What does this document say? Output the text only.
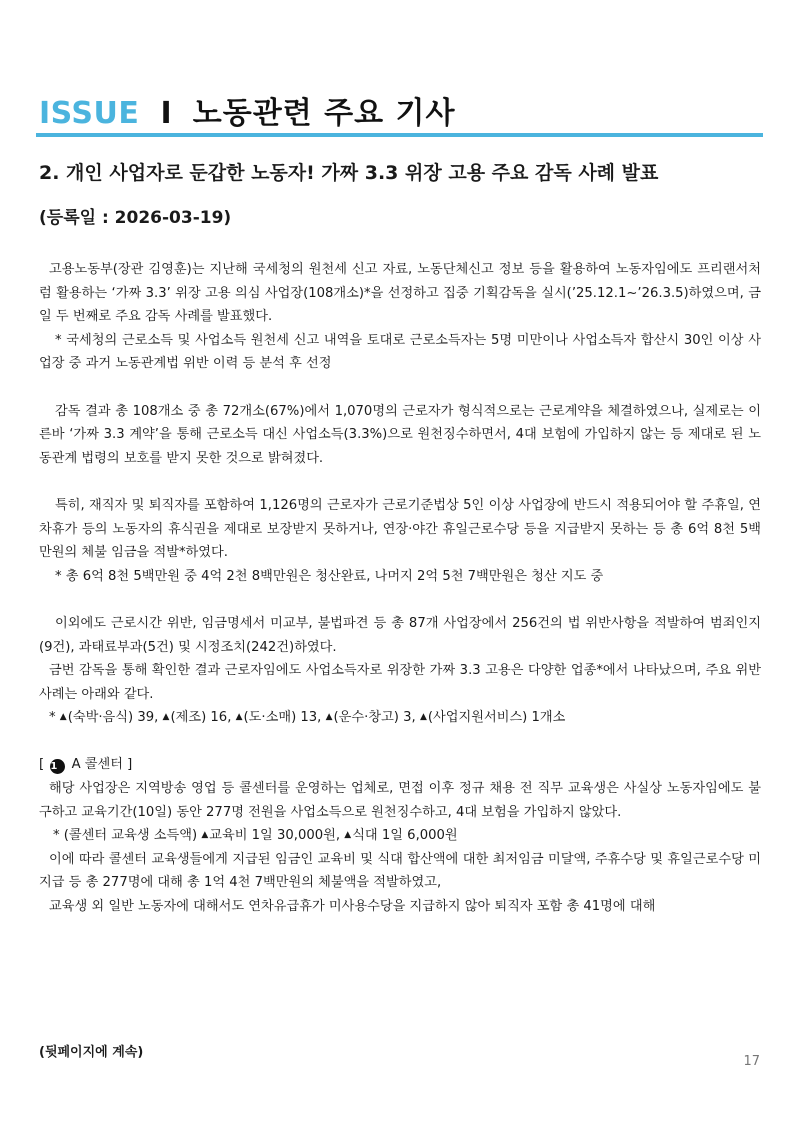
ISSUE I 노동관련 주요 기사
2. 개인 사업자로 둔갑한 노동자! 가짜 3.3 위장 고용 주요 감독 사례 발표
(등록일 : 2026-03-19)

고용노동부(장관 김영훈)는 지난해 국세청의 원천세 신고 자료, 노동단체신고 정보 등을 활용하여 노동자임에도 프리랜서처럼 활용하는 ‘가짜 3.3’ 위장 고용 의심 사업장(108개소)*을 선정하고 집중 기획감독을 실시(’25.12.1~’26.3.5)하였으며, 금일 두 번째로 주요 감독 사례를 발표했다.

* 국세청의 근로소득 및 사업소득 원천세 신고 내역을 토대로 근로소득자는 5명 미만이나 사업소득자 합산시 30인 이상 사업장 중 과거 노동관계법 위반 이력 등 분석 후 선정

감독 결과 총 108개소 중 총 72개소(67%)에서 1,070명의 근로자가 형식적으로는 근로계약을 체결하였으나, 실제로는 이른바 ‘가짜 3.3 계약’을 통해 근로소득 대신 사업소득(3.3%)으로 원천징수하면서, 4대 보험에 가입하지 않는 등 제대로 된 노동관계 법령의 보호를 받지 못한 것으로 밝혀졌다.

특히, 재직자 및 퇴직자를 포함하여 1,126명의 근로자가 근로기준법상 5인 이상 사업장에 반드시 적용되어야 할 주휴일, 연차휴가 등의 노동자의 휴식권을 제대로 보장받지 못하거나, 연장·야간 휴일근로수당 등을 지급받지 못하는 등 총 6억 8천 5백만원의 체불 임금을 적발*하였다.

* 총 6억 8천 5백만원 중 4억 2천 8백만원은 청산완료, 나머지 2억 5천 7백만원은 청산 지도 중

이외에도 근로시간 위반, 임금명세서 미교부, 불법파견 등 총 87개 사업장에서 256건의 법 위반사항을 적발하여 범죄인지(9건), 과태료부과(5건) 및 시정조치(242건)하였다.

금번 감독을 통해 확인한 결과 근로자임에도 사업소득자로 위장한 가짜 3.3 고용은 다양한 업종*에서 나타났으며, 주요 위반 사례는 아래와 같다.

* ▲(숙박·음식) 39, ▲(제조) 16, ▲(도·소매) 13, ▲(운수·창고) 3, ▲(사업지원서비스) 1개소

[ 1 A 콜센터 ]

해당 사업장은 지역방송 영업 등 콜센터를 운영하는 업체로, 면접 이후 정규 채용 전 직무 교육생은 사실상 노동자임에도 불구하고 교육기간(10일) 동안 277명 전원을 사업소득으로 원천징수하고, 4대 보험을 가입하지 않았다.

* (콜센터 교육생 소득액) ▲교육비 1일 30,000원, ▲식대 1일 6,000원

이에 따라 콜센터 교육생들에게 지급된 임금인 교육비 및 식대 합산액에 대한 최저임금 미달액, 주휴수당 및 휴일근로수당 미지급 등 총 277명에 대해 총 1억 4천 7백만원의 체불액을 적발하였고,

교육생 외 일반 노동자에 대해서도 연차유급휴가 미사용수당을 지급하지 않아 퇴직자 포함 총 41명에 대해

(뒷페이지에 계속)
17
